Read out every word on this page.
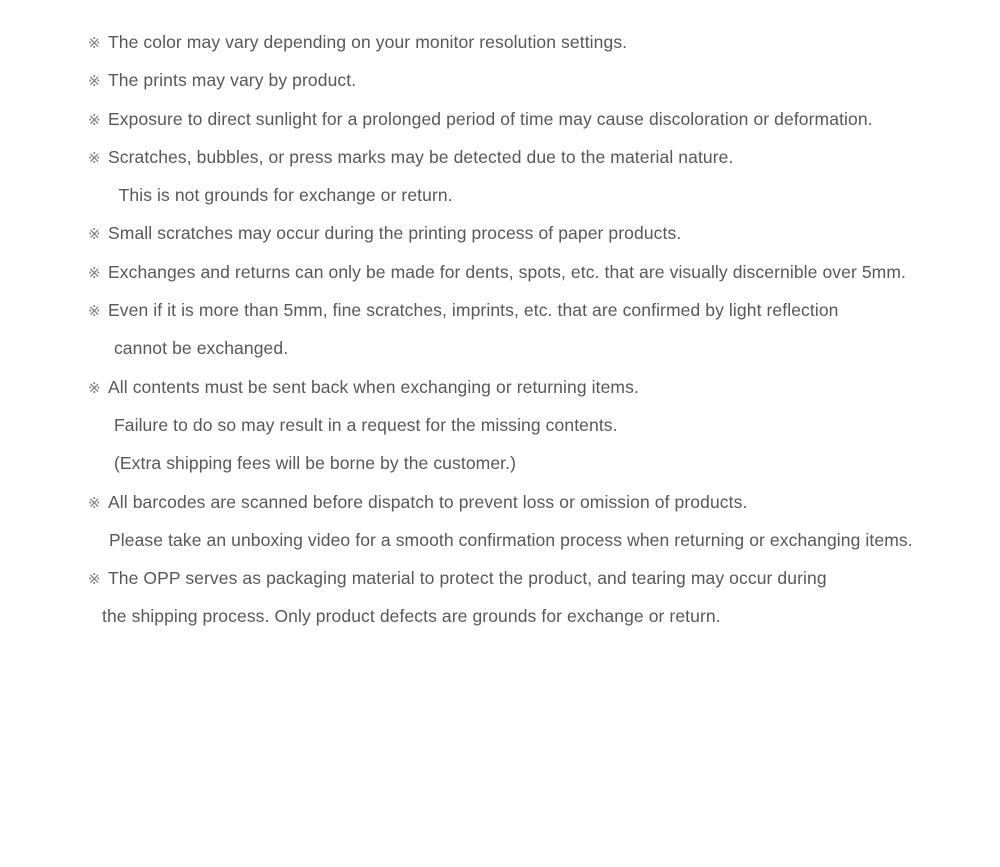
※ The color may vary depending on your monitor resolution settings.
※ The prints may vary by product.
※ Exposure to direct sunlight for a prolonged period of time may cause discoloration or deformation.
※ Scratches, bubbles, or press marks may be detected due to the material nature.
This is not grounds for exchange or return.
※ Small scratches may occur during the printing process of paper products.
※ Exchanges and returns can only be made for dents, spots, etc. that are visually discernible over 5mm.
※ Even if it is more than 5mm, fine scratches, imprints, etc. that are confirmed by light reflection
cannot be exchanged.
※ All contents must be sent back when exchanging or returning items.
Failure to do so may result in a request for the missing contents.
(Extra shipping fees will be borne by the customer.)
※ All barcodes are scanned before dispatch to prevent loss or omission of products.
Please take an unboxing video for a smooth confirmation process when returning or exchanging items.
※ The OPP serves as packaging material to protect the product, and tearing may occur during
the shipping process. Only product defects are grounds for exchange or return.
